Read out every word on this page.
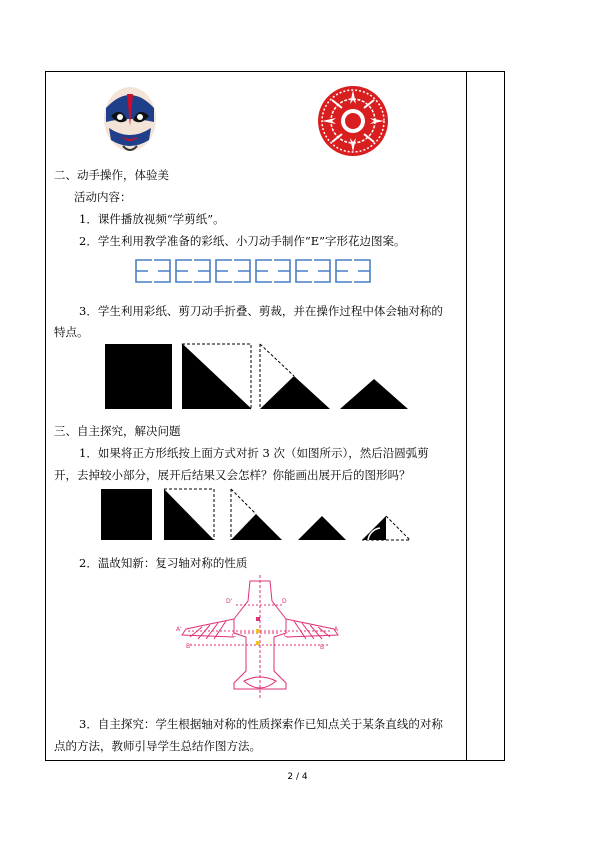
二、动手操作，体验美
活动内容：
1．课件播放视频“学剪纸”。
2．学生利用教学准备的彩纸、小刀动手制作“E”字形花边图案。
3．学生利用彩纸、剪刀动手折叠、剪裁，并在操作过程中体会轴对称的
特点。
三、自主探究，解决问题
1．如果将正方形纸按上面方式对折 3 次（如图所示），然后沿圆弧剪
开，去掉较小部分，展开后结果又会怎样？你能画出展开后的图形吗？
2．温故知新：复习轴对称的性质
D'	D
A'	A
B'	B
C'	C
3．自主探究：学生根据轴对称的性质探索作已知点关于某条直线的对称
点的方法，教师引导学生总结作图方法。
2 / 4
